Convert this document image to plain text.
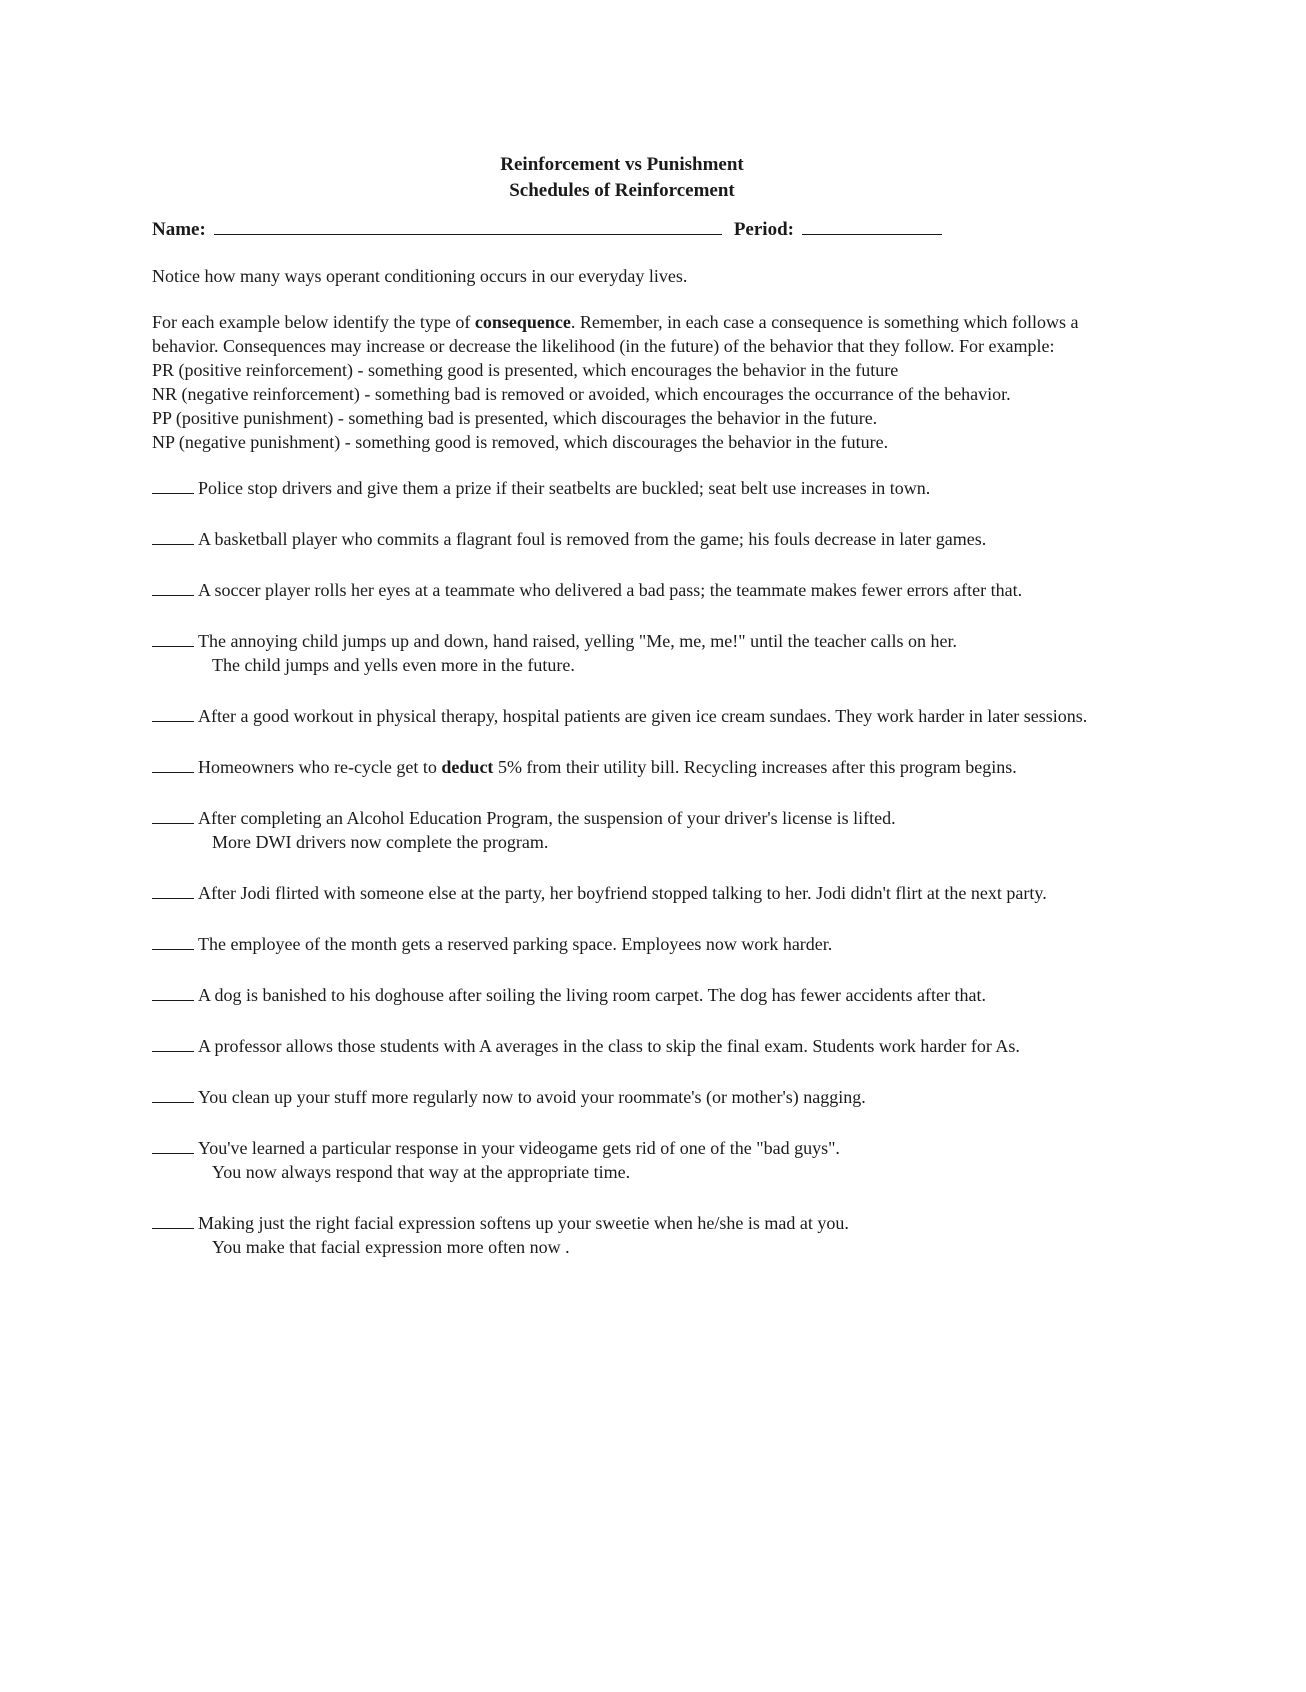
Reinforcement vs Punishment
Schedules of Reinforcement
Name:	Period:
Notice how many ways operant conditioning occurs in our everyday lives.
For each example below identify the type of consequence. Remember, in each case a consequence is something which follows a behavior. Consequences may increase or decrease the likelihood (in the future) of the behavior that they follow. For example:
PR (positive reinforcement) - something good is presented, which encourages the behavior in the future
NR (negative reinforcement) - something bad is removed or avoided, which encourages the occurrance of the behavior.
PP (positive punishment) - something bad is presented, which discourages the behavior in the future.
NP (negative punishment) - something good is removed, which discourages the behavior in the future.
Police stop drivers and give them a prize if their seatbelts are buckled; seat belt use increases in town.
A basketball player who commits a flagrant foul is removed from the game; his fouls decrease in later games.
A soccer player rolls her eyes at a teammate who delivered a bad pass; the teammate makes fewer errors after that.
The annoying child jumps up and down, hand raised, yelling "Me, me, me!" until the teacher calls on her.
The child jumps and yells even more in the future.
After a good workout in physical therapy, hospital patients are given ice cream sundaes. They work harder in later sessions.
Homeowners who re-cycle get to deduct 5% from their utility bill. Recycling increases after this program begins.
After completing an Alcohol Education Program, the suspension of your driver's license is lifted.
More DWI drivers now complete the program.
After Jodi flirted with someone else at the party, her boyfriend stopped talking to her. Jodi didn't flirt at the next party.
The employee of the month gets a reserved parking space. Employees now work harder.
A dog is banished to his doghouse after soiling the living room carpet. The dog has fewer accidents after that.
A professor allows those students with A averages in the class to skip the final exam. Students work harder for As.
You clean up your stuff more regularly now to avoid your roommate's (or mother's) nagging.
You've learned a particular response in your videogame gets rid of one of the "bad guys".
You now always respond that way at the appropriate time.
Making just the right facial expression softens up your sweetie when he/she is mad at you.
You make that facial expression more often now .
